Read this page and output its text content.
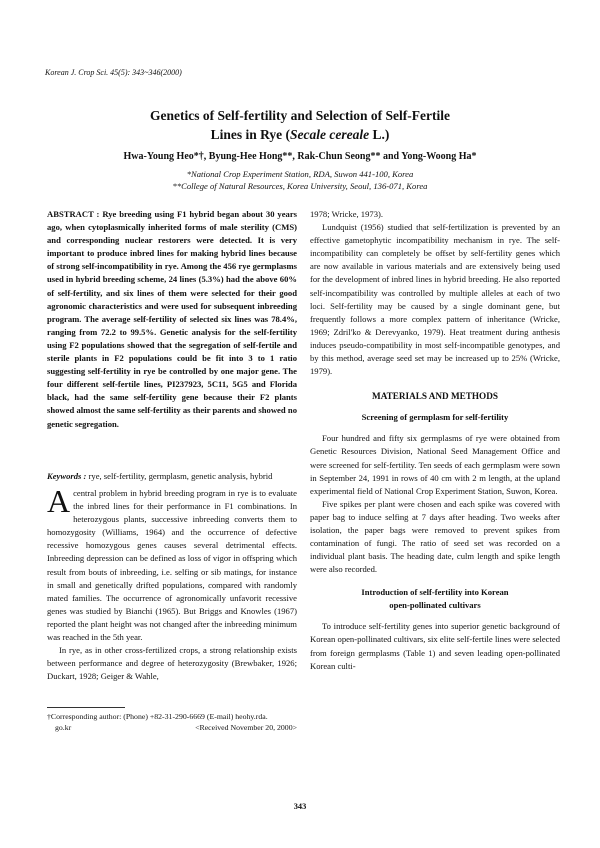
Korean J. Crop Sci. 45(5): 343~346(2000)
Genetics of Self-fertility and Selection of Self-Fertile
Lines in Rye (Secale cereale L.)
Hwa-Young Heo*†, Byung-Hee Hong**, Rak-Chun Seong** and Yong-Woong Ha*
*National Crop Experiment Station, RDA, Suwon 441-100, Korea
**College of Natural Resources, Korea University, Seoul, 136-071, Korea
ABSTRACT : Rye breeding using F1 hybrid began about 30 years ago, when cytoplasmically inherited forms of male sterility (CMS) and corresponding nuclear restorers were detected. It is very important to produce inbred lines for making hybrid lines because of strong self-incompatibility in rye. Among the 456 rye germplasms used in hybrid breeding scheme, 24 lines (5.3%) had the above 60% of self-fertility, and six lines of them were selected for their good agronomic characteristics and were used for subsequent inbreeding program. The average self-fertility of selected six lines was 78.4%, ranging from 72.2 to 99.5%. Genetic analysis for the self-fertility using F2 populations showed that the segregation of self-fertile and sterile plants in F2 populations could be fit into 3 to 1 ratio suggesting self-fertility in rye be controlled by one major gene. The four different self-fertile lines, PI237923, 5C11, 5G5 and Florida black, had the same self-fertility gene because their F2 plants showed almost the same self-fertility as their parents and showed no genetic segregation.
Keywords : rye, self-fertility, germplasm, genetic analysis, hybrid

Acentral problem in hybrid breeding program in rye is to evaluate the inbred lines for their performance in F1 combinations. In heterozygous plants, successive inbreeding converts them to homozygosity (Williams, 1964) and the occurrence of defective recessive homozygous genes causes several detrimental effects. Inbreeding depression can be defined as loss of vigor in offspring which result from bouts of inbreeding, i.e. selfing or sib matings, for instance in small and genetically drifted populations, compared with randomly mated families. The occurrence of agronomically unfavorit recessive genes was studied by Bianchi (1965). But Briggs and Knowles (1967) reported the plant height was not changed after the inbreeding minimum was reached in the 5th year.

In rye, as in other cross-fertilized crops, a strong relationship exists between performance and degree of heterozygosity (Brewbaker, 1926; Duckart, 1928; Geiger & Wahle,

†Corresponding author: (Phone) +82-31-290-6669 (E-mail) heohy.rda.
go.kr	<Received November 20, 2000>

1978; Wricke, 1973).

Lundquist (1956) studied that self-fertilization is prevented by an effective gametophytic incompatibility mechanism in rye. The self-incompatibility can completely be offset by self-fertility genes which are now available in various materials and are extensively being used for the development of inbred lines in hybrid breeding. He also reported self-incompatibility was controlled by multiple alleles at each of two loci. Self-fertility may be caused by a single dominant gene, but frequently follows a more complex pattern of inheritance (Wricke, 1969; Zdril'ko & Derevyanko, 1979). Heat treatment during anthesis induces pseudo-compatibility in most self-incompatible genotypes, and by this method, average seed set may be increased up to 25% (Wricke, 1979).

MATERIALS AND METHODS
Screening of germplasm for self-fertility

Four hundred and fifty six germplasms of rye were obtained from Genetic Resources Division, National Seed Management Office and were screened for self-fertility. Ten seeds of each germplasm were sown in September 24, 1991 in rows of 40 cm with 2 m length, at the upland experimental field of National Crop Experiment Station, Suwon, Korea.

Five spikes per plant were chosen and each spike was covered with paper bag to induce selfing at 7 days after heading. Two weeks after isolation, the paper bags were removed to prevent spikes from contamination of fungi. The ratio of seed set was recorded on a individual plant basis. The heading date, culm length and spike length were also recorded.

Introduction of self-fertility into Korean
open-pollinated cultivars

To introduce self-fertility genes into superior genetic background of Korean open-pollinated cultivars, six elite self-fertile lines were selected from foreign germplasms (Table 1) and seven leading open-pollinated Korean culti-

343
